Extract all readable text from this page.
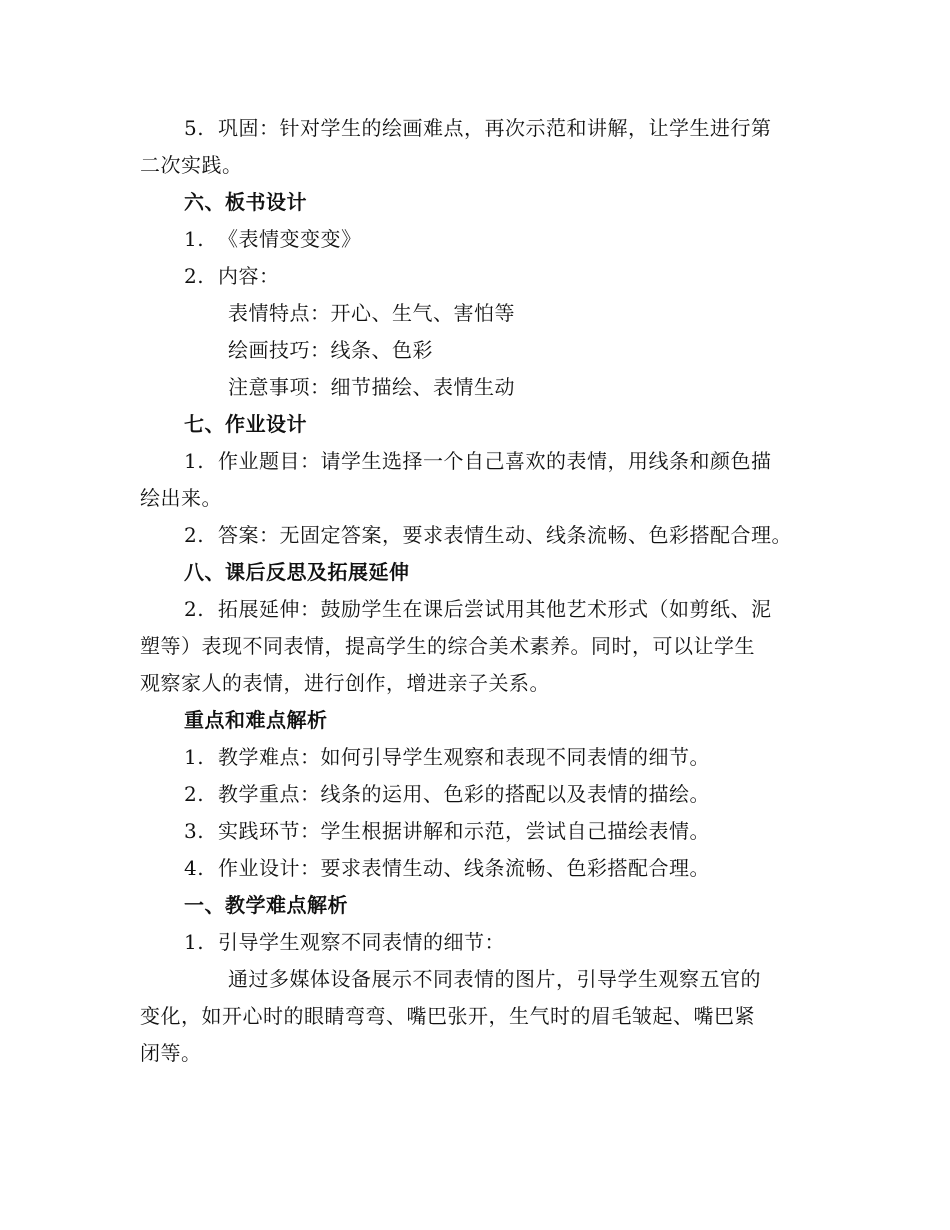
5. 巩固：针对学生的绘画难点，再次示范和讲解，让学生进行第
二次实践。
六、板书设计
1. 《表情变变变》
2. 内容：
表情特点：开心、生气、害怕等
绘画技巧：线条、色彩
注意事项：细节描绘、表情生动
七、作业设计
1. 作业题目：请学生选择一个自己喜欢的表情，用线条和颜色描
绘出来。
2. 答案：无固定答案，要求表情生动、线条流畅、色彩搭配合理。
八、课后反思及拓展延伸
2. 拓展延伸：鼓励学生在课后尝试用其他艺术形式（如剪纸、泥
塑等）表现不同表情，提高学生的综合美术素养。同时，可以让学生
观察家人的表情，进行创作，增进亲子关系。
重点和难点解析
1. 教学难点：如何引导学生观察和表现不同表情的细节。
2. 教学重点：线条的运用、色彩的搭配以及表情的描绘。
3. 实践环节：学生根据讲解和示范，尝试自己描绘表情。
4. 作业设计：要求表情生动、线条流畅、色彩搭配合理。
一、教学难点解析
1. 引导学生观察不同表情的细节：
通过多媒体设备展示不同表情的图片，引导学生观察五官的
变化，如开心时的眼睛弯弯、嘴巴张开，生气时的眉毛皱起、嘴巴紧
闭等。
